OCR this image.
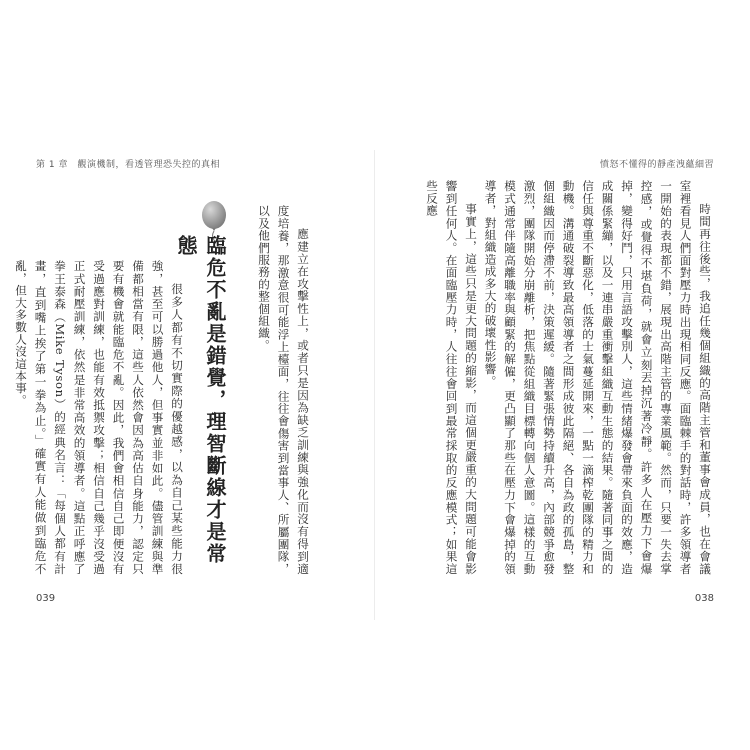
第 1 章　觀演機制，看透管理恐失控的真相

應建立在攻擊性上，或者只是因為缺乏訓練與強化而沒有得到適度培養，那激意很可能浮上檯面，往往會傷害到當事人、所屬團隊，以及他們服務的整個組織。

臨危不亂是錯覺，理智斷線才是常態

很多人都有不切實際的優越感，以為自己某些能力很強，甚至可以勝過他人，但事實並非如此。儘管訓練與準備都相當有限，這些人依然會因為高估自身能力，認定只要有機會就能臨危不亂。因此，我們會相信自己即便沒有受過應對訓練，也能有效抵禦攻擊；相信自己幾乎沒受過正式耐壓訓練，依然是非常高效的領導者。這點正呼應了拳王泰森（Mike Tyson）的經典名言：「每個人都有計畫，直到嘴上挨了第一拳為止。」確實有人能做到臨危不亂，但大多數人沒這本事。

039
憤怒不懂得的靜產洩蘊細習

時間再往後些，我追任幾個組織的高階主管和董事會成員，也在會議室裡看見人們面對壓力時出現相同反應。面臨棘手的對話時，許多領導者一開始的表現都不錯，展現出高階主管的專業風範。然而，只要一失去掌控感，或覺得不堪負荷，就會立刻丟掉沉著冷靜。許多人在壓力下會爆掉，變得好鬥，只用言語攻擊別人，這些情緒爆發會帶來負面的效應，造成關係緊繃，以及一連串嚴重衝擊組織互動生態的結果。隨著同事之間的信任與尊重不斷惡化，低落的士氣蔓延開來，一點一滴榨乾團隊的精力和動機。溝通破裂導致最高領導者之間形成彼此隔絕、各自為政的孤島，整個組織因而停滯不前，決策遲緩。隨著緊張情勢持續升高，內部競爭愈發激烈，團隊開始分崩離析，把焦點從組織目標轉向個人意圖。這樣的互動模式通常伴隨高離職率與顧緊的解僱，更凸顯了那些在壓力下會爆掉的領導者，對組織造成多大的破壞性影響。

事實上，這些只是更大問題的縮影，而這個更嚴重的大問題可能會影響到任何人。在面臨壓力時，人往往會回到最常採取的反應模式；如果這些反應

038
